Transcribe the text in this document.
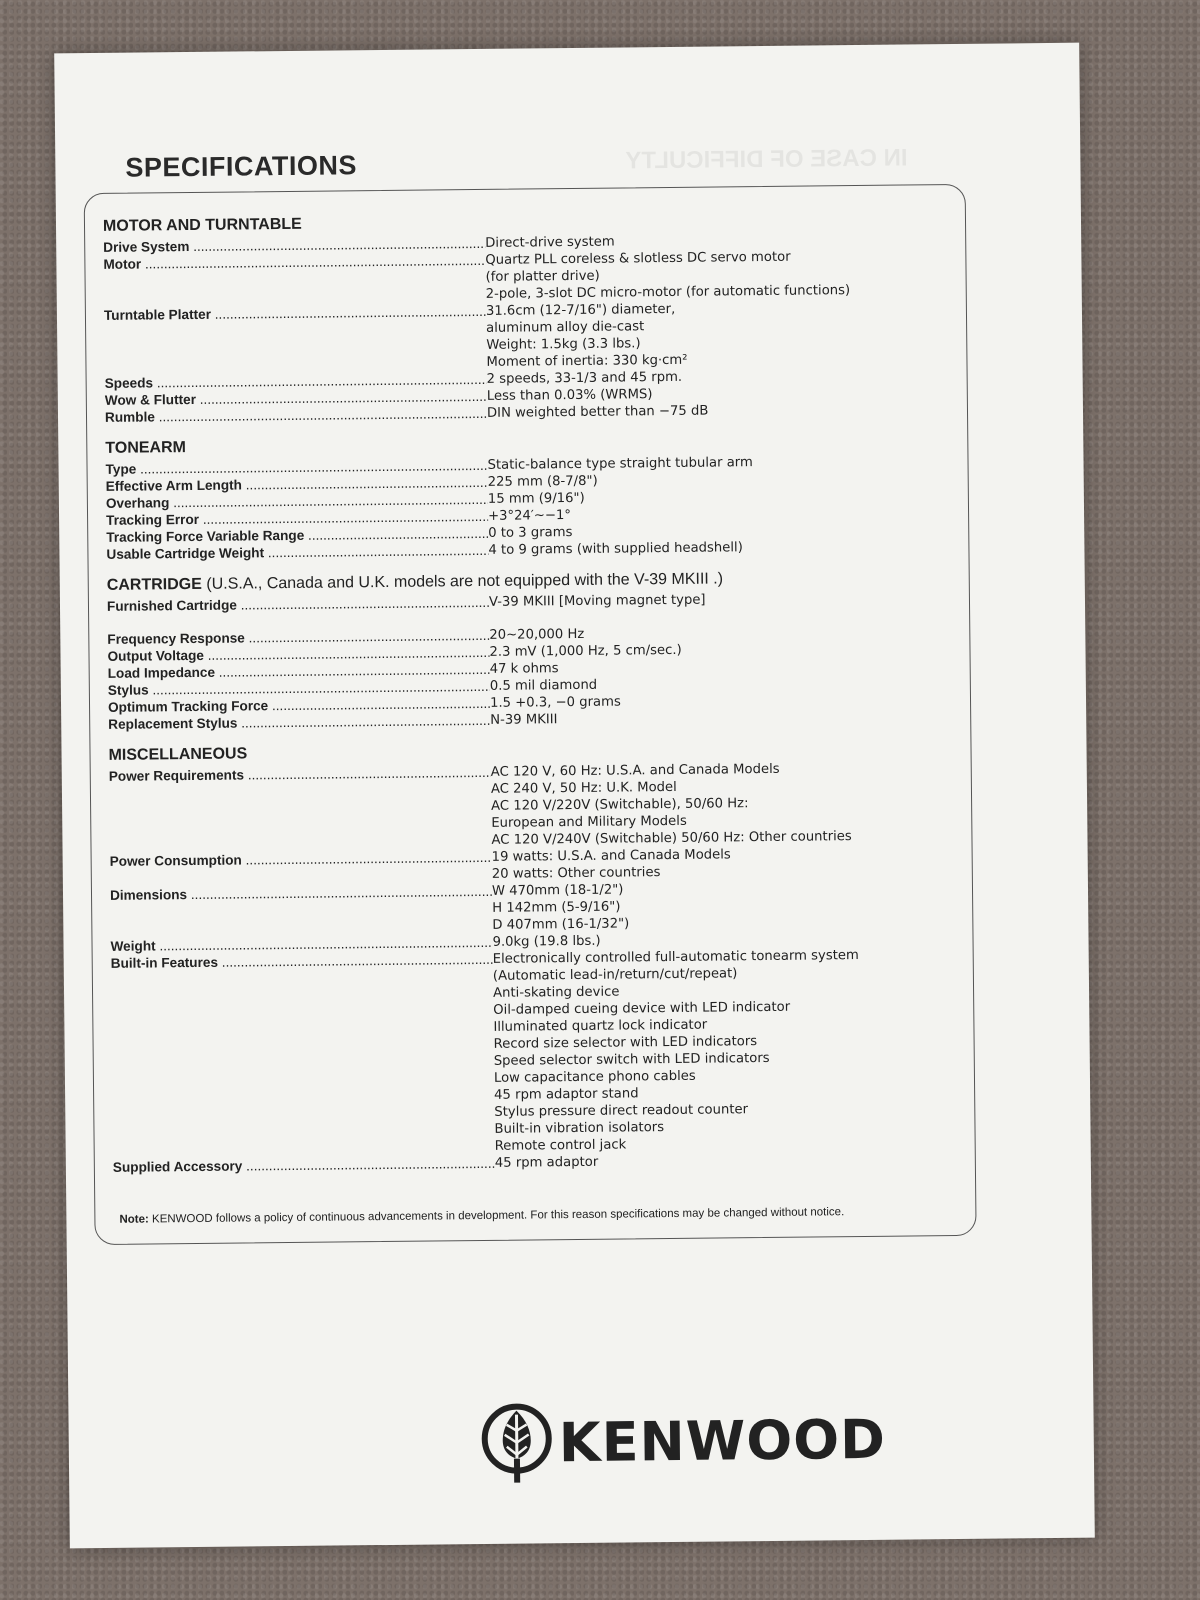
IN CASE OF DIFFICULTY
SPECIFICATIONS
MOTOR AND TURNTABLE
Drive System .....	Direct-drive system
Motor .....	Quartz PLL coreless & slotless DC servo motor
(for platter drive)
2-pole, 3-slot DC micro-motor (for automatic functions)
Turntable Platter .....	31.6cm (12-7/16") diameter,
aluminum alloy die-cast
Weight: 1.5kg (3.3 lbs.)
Moment of inertia: 330 kg·cm²
Speeds .....	2 speeds, 33-1/3 and 45 rpm.
Wow & Flutter .....	Less than 0.03% (WRMS)
Rumble .....	DIN weighted better than −75 dB
TONEARM
Type .....	Static-balance type straight tubular arm
Effective Arm Length .....	225 mm (8-7/8")
Overhang .....	15 mm (9/16")
Tracking Error .....	+3°24′∼−1°
Tracking Force Variable Range .....	0 to 3 grams
Usable Cartridge Weight .....	4 to 9 grams (with supplied headshell)
CARTRIDGE (U.S.A., Canada and U.K. models are not equipped with the V-39 MKIII .)
Furnished Cartridge .....	V-39 MKIII [Moving magnet type]
Frequency Response .....	20∼20,000 Hz
Output Voltage .....	2.3 mV (1,000 Hz, 5 cm/sec.)
Load Impedance .....	47 k ohms
Stylus .....	0.5 mil diamond
Optimum Tracking Force .....	1.5 +0.3, −0 grams
Replacement Stylus .....	N-39 MKIII
MISCELLANEOUS
Power Requirements .....	AC 120 V, 60 Hz: U.S.A. and Canada Models
AC 240 V, 50 Hz: U.K. Model
AC 120 V/220V (Switchable), 50/60 Hz:
European and Military Models
AC 120 V/240V (Switchable) 50/60 Hz: Other countries
Power Consumption .....	19 watts: U.S.A. and Canada Models
20 watts: Other countries
Dimensions .....	W 470mm (18-1/2")
H 142mm (5-9/16")
D 407mm (16-1/32")
Weight .....	9.0kg (19.8 lbs.)
Built-in Features .....	Electronically controlled full-automatic tonearm system
(Automatic lead-in/return/cut/repeat)
Anti-skating device
Oil-damped cueing device with LED indicator
Illuminated quartz lock indicator
Record size selector with LED indicators
Speed selector switch with LED indicators
Low capacitance phono cables
45 rpm adaptor stand
Stylus pressure direct readout counter
Built-in vibration isolators
Remote control jack
Supplied Accessory .....	45 rpm adaptor
Note: KENWOOD follows a policy of continuous advancements in development. For this reason specifications may be changed without notice.
KENWOOD
